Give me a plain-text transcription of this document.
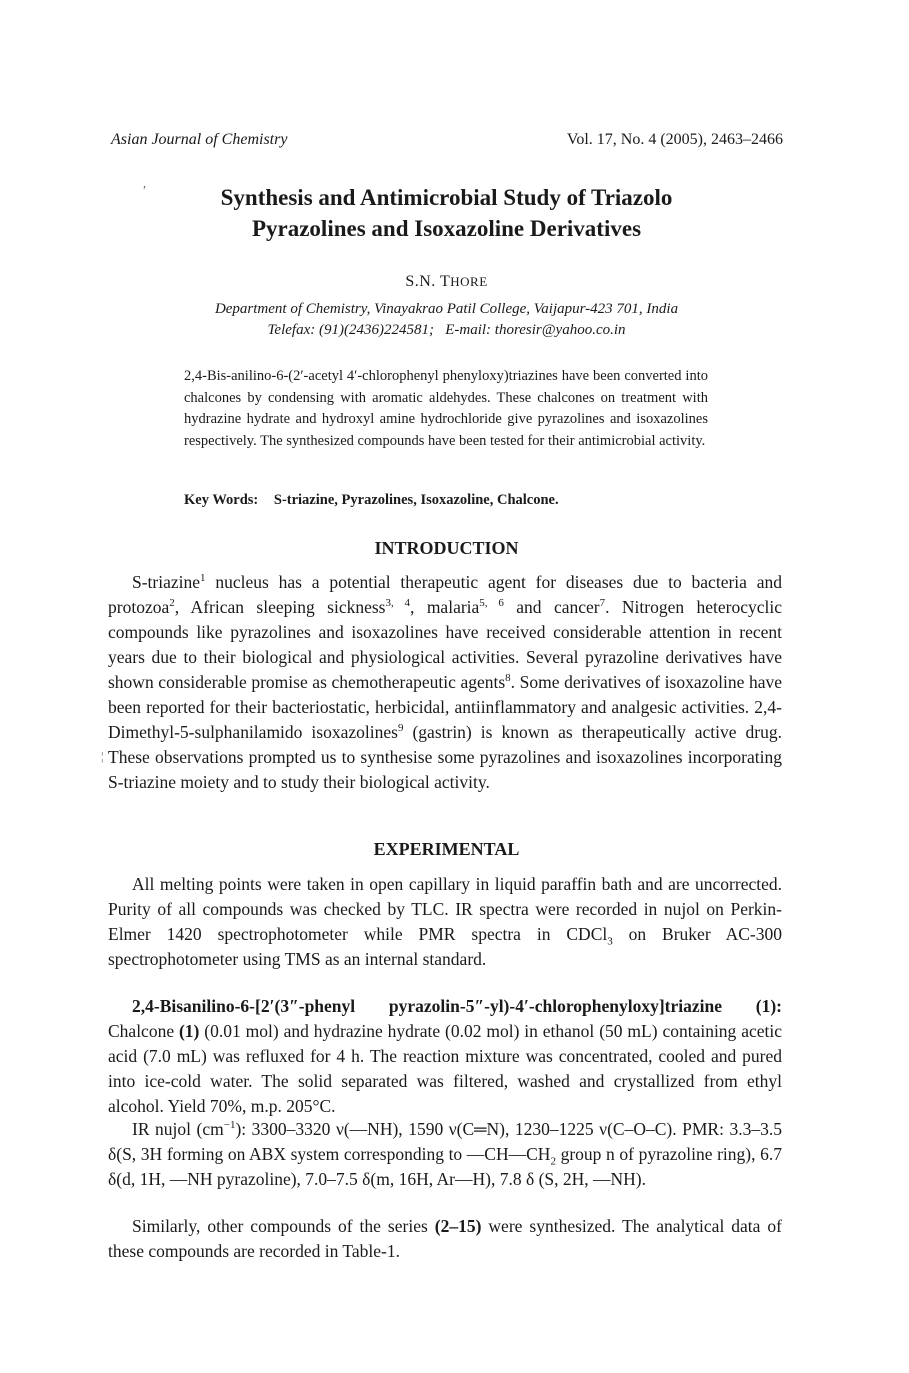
Asian Journal of Chemistry	Vol. 17, No. 4 (2005), 2463–2466
,
Synthesis and Antimicrobial Study of Triazolo
Pyrazolines and Isoxazoline Derivatives
S.N. THORE
Department of Chemistry, Vinayakrao Patil College, Vaijapur-423 701, India
Telefax: (91)(2436)224581;   E-mail: thoresir@yahoo.co.in
2,4-Bis-anilino-6-(2′-acetyl 4′-chlorophenyl phenyloxy)triazines have been converted into chalcones by condensing with aromatic aldehydes. These chalcones on treatment with hydrazine hydrate and hydroxyl amine hydrochloride give pyrazolines and isoxazolines respectively. The synthesized compounds have been tested for their antimicrobial activity.
Key Words: S-triazine, Pyrazolines, Isoxazoline, Chalcone.
INTRODUCTION

S-triazine$^1$ nucleus has a potential therapeutic agent for diseases due to bacteria and protozoa$^2$, African sleeping sickness$^{3, 4}$, malaria$^{5, 6}$ and cancer$^7$. Nitrogen heterocyclic compounds like pyrazolines and isoxazolines have received considerable attention in recent years due to their biological and physiological activities. Several pyrazoline derivatives have shown considerable promise as chemotherapeutic agents$^8$. Some derivatives of isoxazoline have been reported for their bacteriostatic, herbicidal, antiinflammatory and analgesic activities. 2,4-Dimethyl-5-sulphanilamido isoxazolines$^9$ (gastrin) is known as therapeutically active drug. These observations prompted us to synthesise some pyrazolines and isoxazolines incorporating S-triazine moiety and to study their biological activity.

¦
EXPERIMENTAL

All melting points were taken in open capillary in liquid paraffin bath and are uncorrected. Purity of all compounds was checked by TLC. IR spectra were recorded in nujol on Perkin-Elmer 1420 spectrophotometer while PMR spectra in CDCl$_3$ on Bruker AC-300 spectrophotometer using TMS as an internal standard.

2,4-Bisanilino-6-[2′(3″-phenyl pyrazolin-5″-yl)-4′-chlorophenyloxy]triazine (1): Chalcone (1) (0.01 mol) and hydrazine hydrate (0.02 mol) in ethanol (50 mL) containing acetic acid (7.0 mL) was refluxed for 4 h. The reaction mixture was concentrated, cooled and pured into ice-cold water. The solid separated was filtered, washed and crystallized from ethyl alcohol. Yield 70%, m.p. 205°C.

IR nujol $(cm^{-1})$: 3300–3320 ν(—NH), 1590 ν(C═N), 1230–1225 ν(C–O–C). PMR: 3.3–3.5 δ(S, 3H forming on ABX system corresponding to $—CH—CH_2$ group n of pyrazoline ring), 6.7 δ(d, 1H, —NH pyrazoline), 7.0–7.5 δ(m, 16H, Ar—H), 7.8 δ (S, 2H, —NH).

Similarly, other compounds of the series (2–15) were synthesized. The analytical data of these compounds are recorded in Table-1.
